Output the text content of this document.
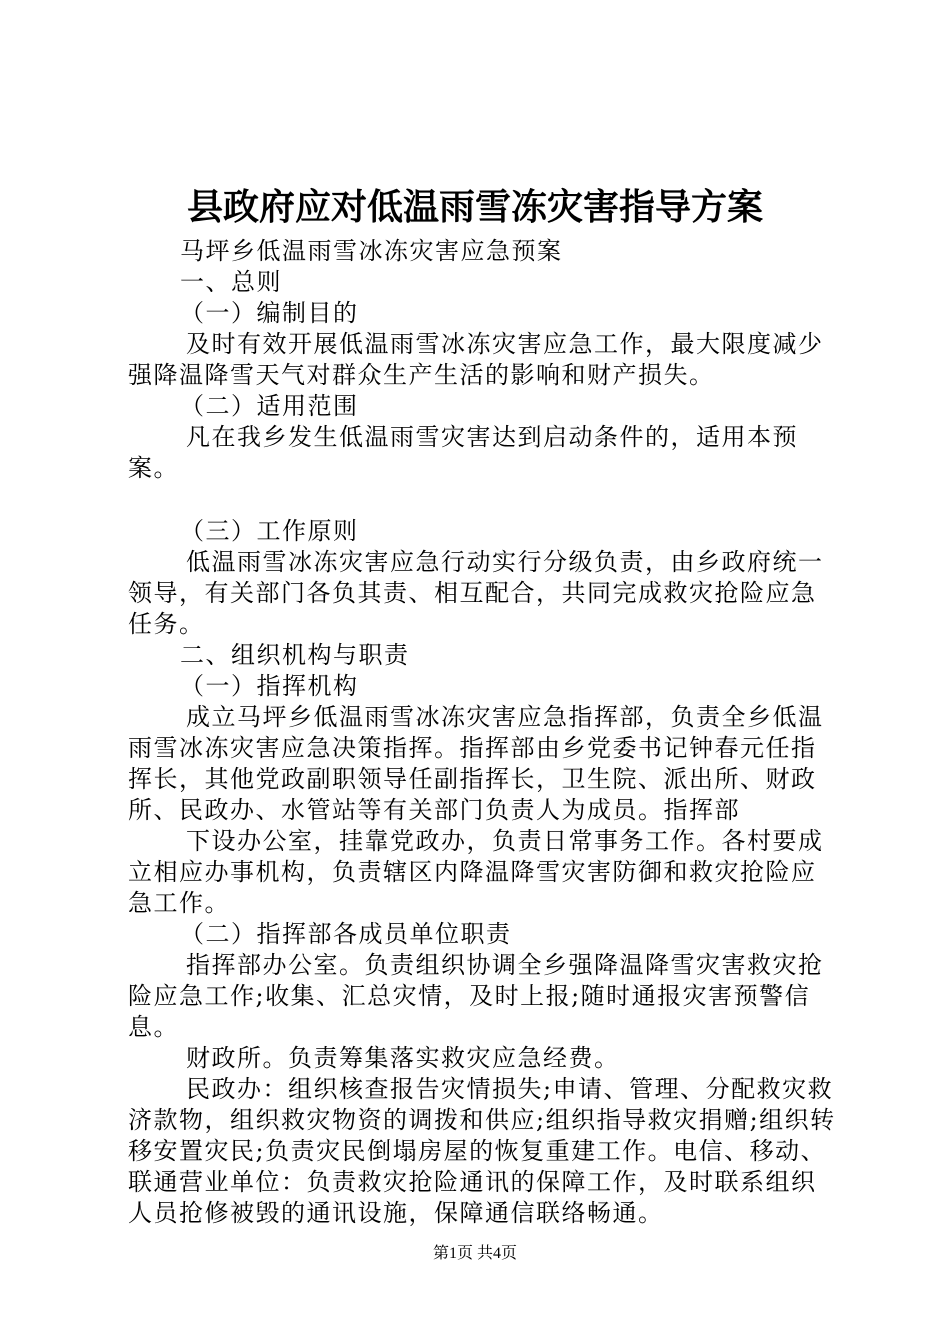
县政府应对低温雨雪冻灾害指导方案

马坪乡低温雨雪冰冻灾害应急预案

一、总则

（一）编制目的

及时有效开展低温雨雪冰冻灾害应急工作，最大限度减少强降温降雪天气对群众生产生活的影响和财产损失。

（二）适用范围

凡在我乡发生低温雨雪灾害达到启动条件的，适用本预案。

（三）工作原则

低温雨雪冰冻灾害应急行动实行分级负责，由乡政府统一领导，有关部门各负其责、相互配合，共同完成救灾抢险应急任务。

二、组织机构与职责

（一）指挥机构

成立马坪乡低温雨雪冰冻灾害应急指挥部，负责全乡低温雨雪冰冻灾害应急决策指挥。指挥部由乡党委书记钟春元任指挥长，其他党政副职领导任副指挥长，卫生院、派出所、财政所、民政办、水管站等有关部门负责人为成员。指挥部

下设办公室，挂靠党政办，负责日常事务工作。各村要成立相应办事机构，负责辖区内降温降雪灾害防御和救灾抢险应急工作。

（二）指挥部各成员单位职责

指挥部办公室。负责组织协调全乡强降温降雪灾害救灾抢险应急工作;收集、汇总灾情，及时上报;随时通报灾害预警信息。

财政所。负责筹集落实救灾应急经费。

民政办：组织核查报告灾情损失;申请、管理、分配救灾救济款物，组织救灾物资的调拨和供应;组织指导救灾捐赠;组织转移安置灾民;负责灾民倒塌房屋的恢复重建工作。电信、移动、联通营业单位：负责救灾抢险通讯的保障工作，及时联系组织人员抢修被毁的通讯设施，保障通信联络畅通。

第1页 共4页
